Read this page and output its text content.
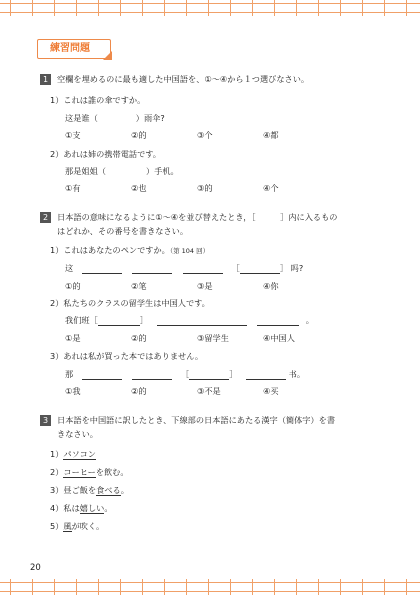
練習問題
1 空欄を埋めるのに最も適した中国語を、①～④から１つ選びなさい。
1）これは誰の傘ですか。
这是谁（	）雨伞?
①支	②的	③个	④都
2）あれは姉の携帯電話です。
那是姐姐（	）手机。
①有	②也	③的	④个
2 日本語の意味になるように①～④を並び替えたとき，［　　　］内に入るもの
はどれか、その番号を書きなさい。
1）これはあなたのペンですか。（第 104 回）
这	［	］ 吗?
①的	②笔	③是	④你
2）私たちのクラスの留学生は中国人です。
我们班［	］	。
①是	②的	③留学生	④中国人
3）あれは私が買った本ではありません。
那	［	］	书。
①我	②的	③不是	④买
3 日本語を中国語に訳したとき、下線部の日本語にあたる漢字（簡体字）を書
きなさい。
1）パソコン
2）コーヒーを飲む。
3）昼ご飯を食べる。
4）私は嬉しい。
5）風が吹く。
20
